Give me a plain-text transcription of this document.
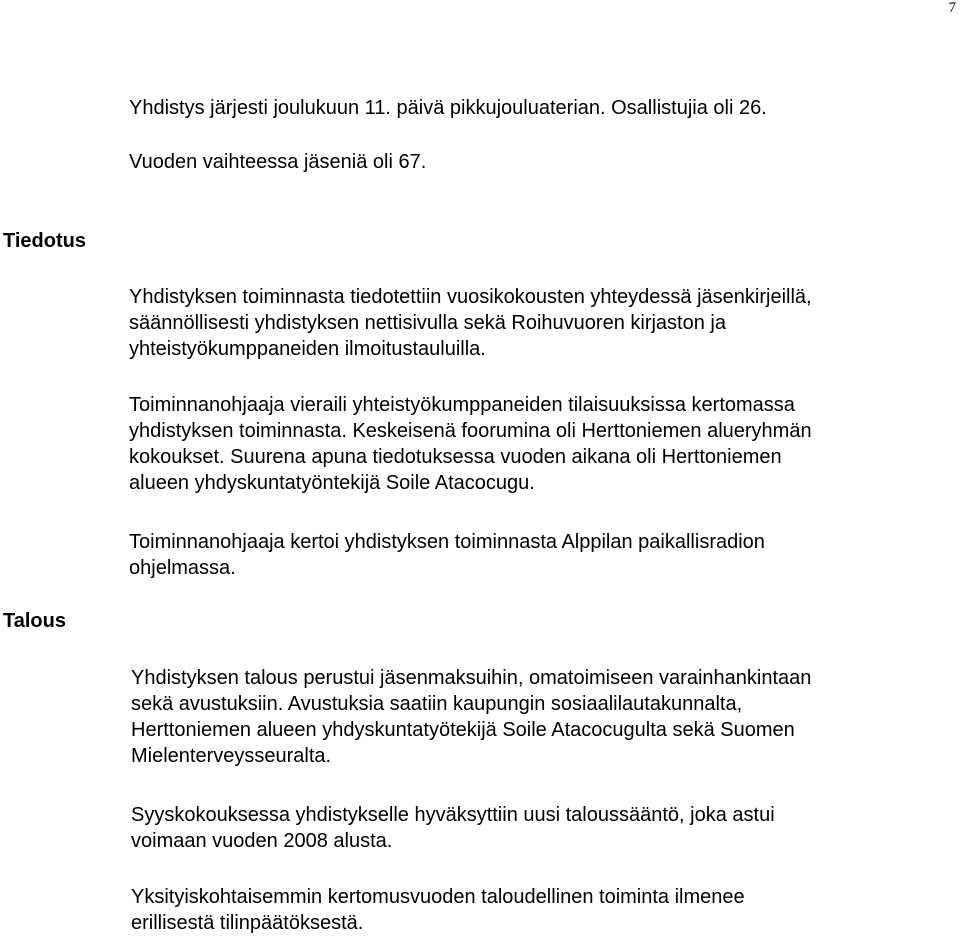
7

Yhdistys järjesti joulukuun 11. päivä pikkujouluaterian. Osallistujia oli 26.

Vuoden vaihteessa jäseniä oli 67.

Tiedotus

Yhdistyksen toiminnasta tiedotettiin vuosikokousten yhteydessä jäsenkirjeillä,
säännöllisesti yhdistyksen nettisivulla sekä Roihuvuoren kirjaston ja
yhteistyökumppaneiden ilmoitustauluilla.

Toiminnanohjaaja vieraili yhteistyökumppaneiden tilaisuuksissa kertomassa
yhdistyksen toiminnasta. Keskeisenä foorumina oli Herttoniemen alueryhmän
kokoukset. Suurena apuna tiedotuksessa vuoden aikana oli Herttoniemen
alueen yhdyskuntatyöntekijä Soile Atacocugu.

Toiminnanohjaaja kertoi yhdistyksen toiminnasta Alppilan paikallisradion
ohjelmassa.

Talous

Yhdistyksen talous perustui jäsenmaksuihin, omatoimiseen varainhankintaan
sekä avustuksiin. Avustuksia saatiin kaupungin sosiaalilautakunnalta,
Herttoniemen alueen yhdyskuntatyötekijä Soile Atacocugulta sekä Suomen
Mielenterveysseuralta.

Syyskokouksessa yhdistykselle hyväksyttiin uusi taloussääntö, joka astui
voimaan vuoden 2008 alusta.

Yksityiskohtaisemmin kertomusvuoden taloudellinen toiminta ilmenee
erillisestä tilinpäätöksestä.
